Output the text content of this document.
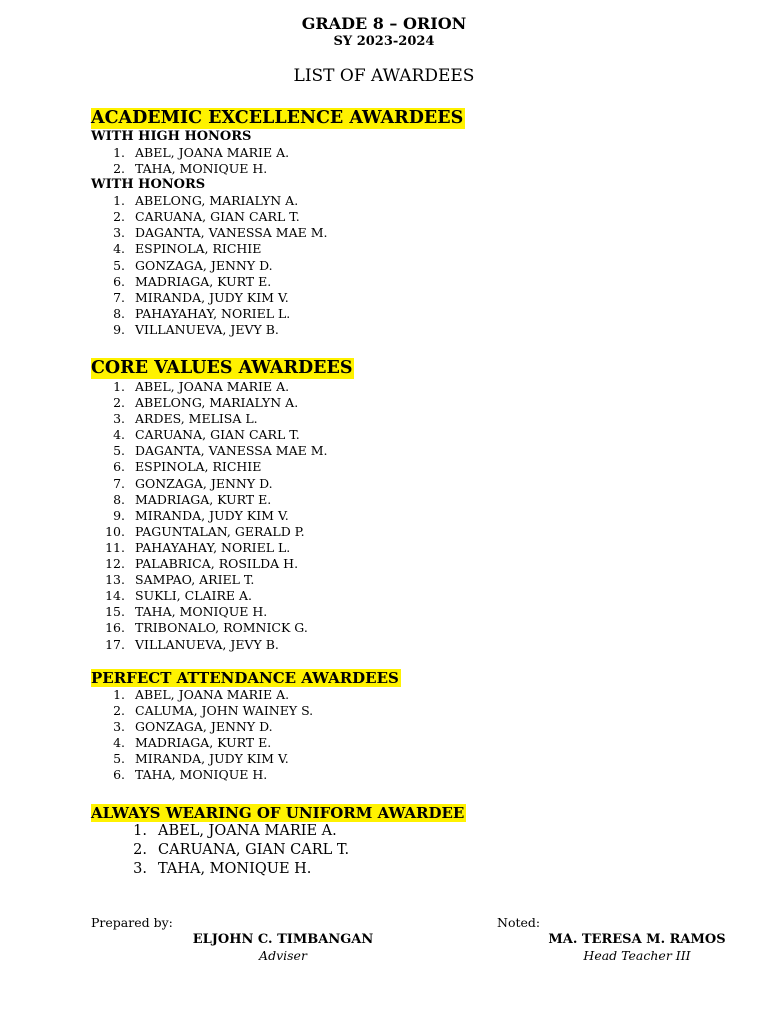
GRADE 8 – ORION
SY 2023-2024
LIST OF AWARDEES
ACADEMIC EXCELLENCE AWARDEES
WITH HIGH HONORS
1. ABEL, JOANA MARIE A.
2. TAHA, MONIQUE H.
WITH HONORS
1. ABELONG, MARIALYN A.
2. CARUANA, GIAN CARL T.
3. DAGANTA, VANESSA MAE M.
4. ESPINOLA, RICHIE
5. GONZAGA, JENNY D.
6. MADRIAGA, KURT E.
7. MIRANDA, JUDY KIM V.
8. PAHAYAHAY, NORIEL L.
9. VILLANUEVA, JEVY B.
CORE VALUES AWARDEES
1. ABEL, JOANA MARIE A.
2. ABELONG, MARIALYN A.
3. ARDES, MELISA L.
4. CARUANA, GIAN CARL T.
5. DAGANTA, VANESSA MAE M.
6. ESPINOLA, RICHIE
7. GONZAGA, JENNY D.
8. MADRIAGA, KURT E.
9. MIRANDA, JUDY KIM V.
10. PAGUNTALAN, GERALD P.
11. PAHAYAHAY, NORIEL L.
12. PALABRICA, ROSILDA H.
13. SAMPAO, ARIEL T.
14. SUKLI, CLAIRE A.
15. TAHA, MONIQUE H.
16. TRIBONALO, ROMNICK G.
17. VILLANUEVA, JEVY B.
PERFECT ATTENDANCE AWARDEES
1. ABEL, JOANA MARIE A.
2. CALUMA, JOHN WAINEY S.
3. GONZAGA, JENNY D.
4. MADRIAGA, KURT E.
5. MIRANDA, JUDY KIM V.
6. TAHA, MONIQUE H.
ALWAYS WEARING OF UNIFORM AWARDEE
1. ABEL, JOANA MARIE A.
2. CARUANA, GIAN CARL T.
3. TAHA, MONIQUE H.
Prepared by:
ELJOHN C. TIMBANGAN
Adviser
Noted:
MA. TERESA M. RAMOS
Head Teacher III
